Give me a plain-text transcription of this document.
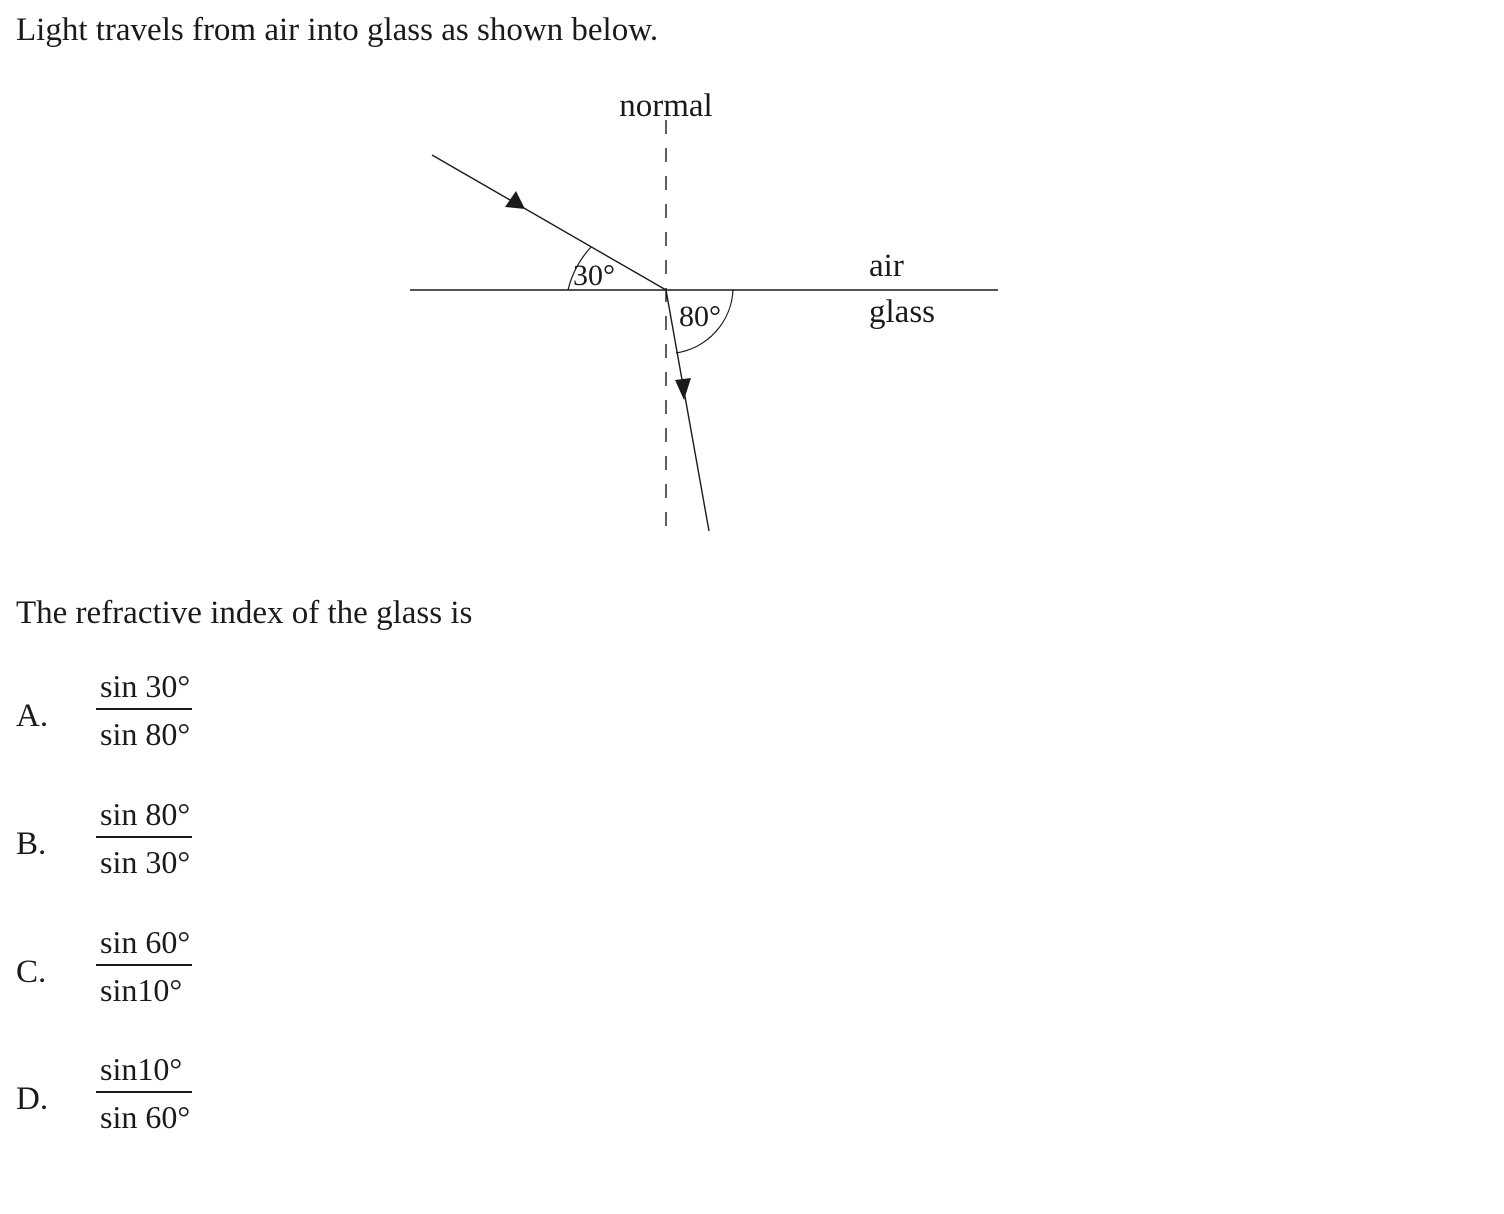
Light travels from air into glass as shown below.
normal
30°
80°
air
glass
The refractive index of the glass is
A.
sin 30°
sin 80°
B.
sin 80°
sin 30°
C.
sin 60°
sin10°
D.
sin10°
sin 60°
